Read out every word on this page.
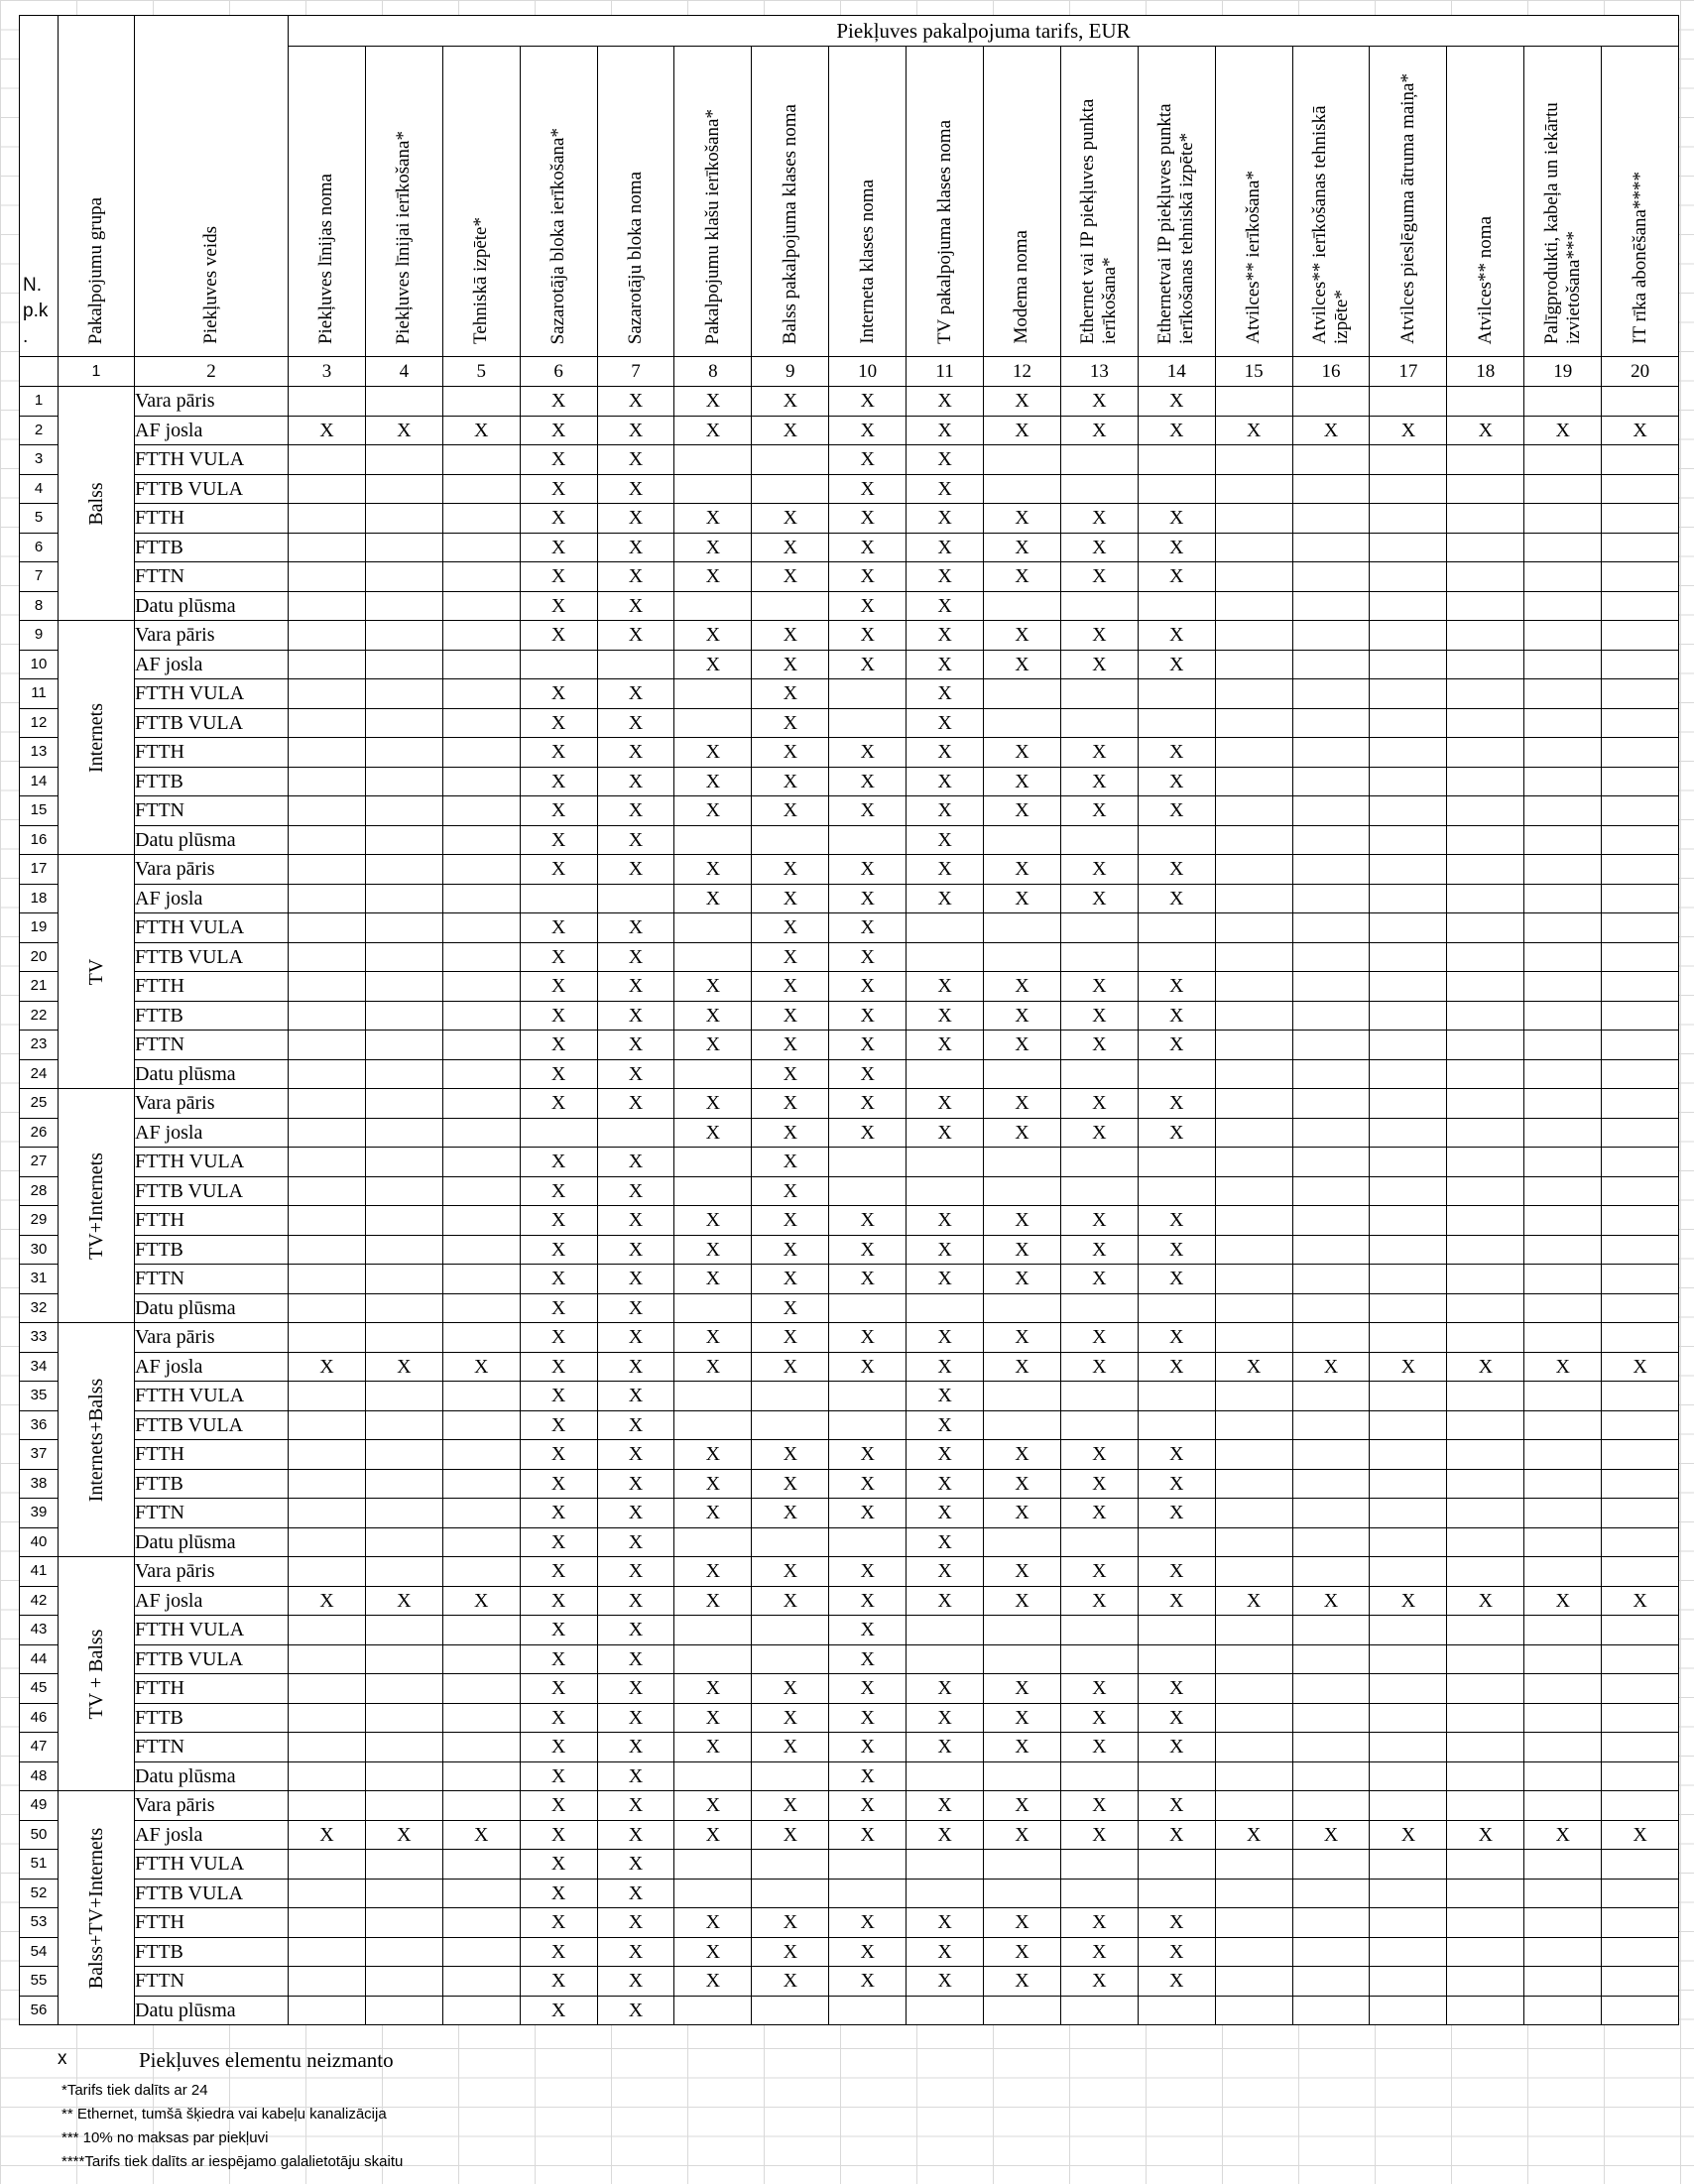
N. p.k .	Pakalpojumu grupa	Piekļuves veids	Piekļuves pakalpojuma tarifs, EUR																	

			Piekļuves līnijas noma	Piekļuves līnijai ierīkošana*	Tehniskā izpēte*	Sazarotāja bloka ierīkošana*	Sazarotāju bloka noma	Pakalpojumu klašu ierīkošana*	Balss pakalpojuma klases noma	Interneta klases noma	TV pakalpojuma klases noma	Modema noma	Ethernet vai IP piekļuves punkta ierīkošana*	Ethernetvai IP piekļuves punkta ierīkošanas tehniskā izpēte*	Atvilces** ierīkošana*	Atvilces** ierīkošanas tehniskā izpēte*	Atvilces pieslēguma ātruma maiņa*	Atvilces** noma	Palīgprodukti, kabeļa un iekārtu izvietošana***	IT rīka abonēšana****

	1	2	3	4	5	6	7	8	9	10	11	12	13	14	15	16	17	18	19	20
1	Balss	Vara pāris				X	X	X	X	X	X	X	X	X						
2		AF josla	X	X	X	X	X	X	X	X	X	X	X	X	X	X	X	X	X	X
3		FTTH VULA				X	X			X	X									
4		FTTB VULA				X	X			X	X									
5		FTTH				X	X	X	X	X	X	X	X	X						
6		FTTB				X	X	X	X	X	X	X	X	X						
7		FTTN				X	X	X	X	X	X	X	X	X						
8		Datu plūsma				X	X			X	X									
9	Internets	Vara pāris				X	X	X	X	X	X	X	X	X						
10		AF josla						X	X	X	X	X	X	X						
11		FTTH VULA				X	X		X		X									
12		FTTB VULA				X	X		X		X									
13		FTTH				X	X	X	X	X	X	X	X	X						
14		FTTB				X	X	X	X	X	X	X	X	X						
15		FTTN				X	X	X	X	X	X	X	X	X						
16		Datu plūsma				X	X				X									
17	TV	Vara pāris				X	X	X	X	X	X	X	X	X						
18		AF josla						X	X	X	X	X	X	X						
19		FTTH VULA				X	X		X	X										
20		FTTB VULA				X	X		X	X										
21		FTTH				X	X	X	X	X	X	X	X	X						
22		FTTB				X	X	X	X	X	X	X	X	X						
23		FTTN				X	X	X	X	X	X	X	X	X						
24		Datu plūsma				X	X		X	X										
25	TV+Internets	Vara pāris				X	X	X	X	X	X	X	X	X						
26		AF josla						X	X	X	X	X	X	X						
27		FTTH VULA				X	X		X											
28		FTTB VULA				X	X		X											
29		FTTH				X	X	X	X	X	X	X	X	X						
30		FTTB				X	X	X	X	X	X	X	X	X						
31		FTTN				X	X	X	X	X	X	X	X	X						
32		Datu plūsma				X	X		X											
33	Internets+Balss	Vara pāris				X	X	X	X	X	X	X	X	X						
34		AF josla	X	X	X	X	X	X	X	X	X	X	X	X	X	X	X	X	X	X
35		FTTH VULA				X	X				X									
36		FTTB VULA				X	X				X									
37		FTTH				X	X	X	X	X	X	X	X	X						
38		FTTB				X	X	X	X	X	X	X	X	X						
39		FTTN				X	X	X	X	X	X	X	X	X						
40		Datu plūsma				X	X				X									
41	TV + Balss	Vara pāris				X	X	X	X	X	X	X	X	X						
42		AF josla	X	X	X	X	X	X	X	X	X	X	X	X	X	X	X	X	X	X
43		FTTH VULA				X	X			X										
44		FTTB VULA				X	X			X										
45		FTTH				X	X	X	X	X	X	X	X	X						
46		FTTB				X	X	X	X	X	X	X	X	X						
47		FTTN				X	X	X	X	X	X	X	X	X						
48		Datu plūsma				X	X			X										
49	Balss+TV+Internets	Vara pāris				X	X	X	X	X	X	X	X	X						
50		AF josla	X	X	X	X	X	X	X	X	X	X	X	X	X	X	X	X	X	X
51		FTTH VULA				X	X													
52		FTTB VULA				X	X													
53		FTTH				X	X	X	X	X	X	X	X	X						
54		FTTB				X	X	X	X	X	X	X	X	X						
55		FTTN				X	X	X	X	X	X	X	X	X						
56		Datu plūsma				X	X													
x	Piekļuves elementu neizmanto
*Tarifs tiek dalīts ar 24
** Ethernet, tumšā šķiedra vai kabeļu kanalizācija
*** 10% no maksas par piekļuvi
****Tarifs tiek dalīts ar iespējamo galalietotāju skaitu
